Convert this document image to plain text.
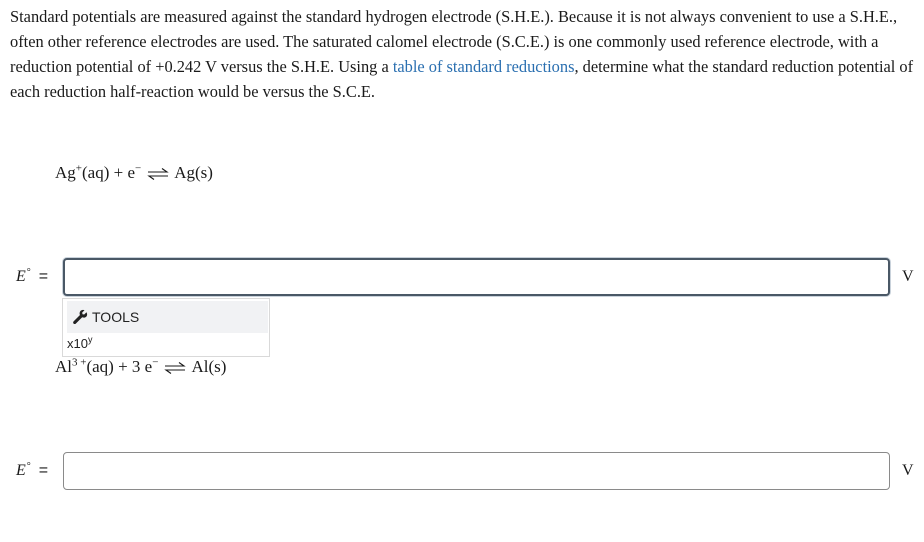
Standard potentials are measured against the standard hydrogen electrode (S.H.E.). Because it is not always convenient to use a S.H.E., often other reference electrodes are used. The saturated calomel electrode (S.C.E.) is one commonly used reference electrode, with a reduction potential of +0.242 V versus the S.H.E. Using a table of standard reductions, determine what the standard reduction potential of each reduction half-reaction would be versus the S.C.E.

Ag+(aq) + e− ⇌ Ag(s)
E° =	V
TOOLS
x10$^y$
$Al^{3 +}(aq) + 3$ e− ⇌ Al(s)
E° =	V
